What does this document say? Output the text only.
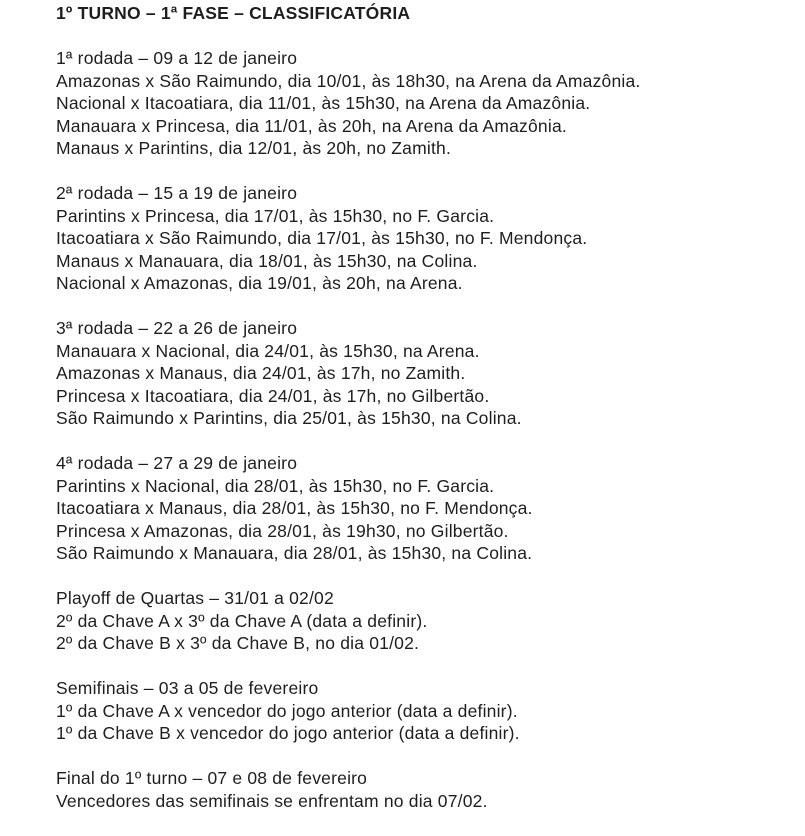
1º TURNO – 1ª FASE – CLASSIFICATÓRIA
1ª rodada – 09 a 12 de janeiro
Amazonas x São Raimundo, dia 10/01, às 18h30, na Arena da Amazônia.
Nacional x Itacoatiara, dia 11/01, às 15h30, na Arena da Amazônia.
Manauara x Princesa, dia 11/01, às 20h, na Arena da Amazônia.
Manaus x Parintins, dia 12/01, às 20h, no Zamith.
2ª rodada – 15 a 19 de janeiro
Parintins x Princesa, dia 17/01, às 15h30, no F. Garcia.
Itacoatiara x São Raimundo, dia 17/01, às 15h30, no F. Mendonça.
Manaus x Manauara, dia 18/01, às 15h30, na Colina.
Nacional x Amazonas, dia 19/01, às 20h, na Arena.
3ª rodada – 22 a 26 de janeiro
Manauara x Nacional, dia 24/01, às 15h30, na Arena.
Amazonas x Manaus, dia 24/01, às 17h, no Zamith.
Princesa x Itacoatiara, dia 24/01, às 17h, no Gilbertão.
São Raimundo x Parintins, dia 25/01, às 15h30, na Colina.
4ª rodada – 27 a 29 de janeiro
Parintins x Nacional, dia 28/01, às 15h30, no F. Garcia.
Itacoatiara x Manaus, dia 28/01, às 15h30, no F. Mendonça.
Princesa x Amazonas, dia 28/01, às 19h30, no Gilbertão.
São Raimundo x Manauara, dia 28/01, às 15h30, na Colina.
Playoff de Quartas – 31/01 a 02/02
2º da Chave A x 3º da Chave A (data a definir).
2º da Chave B x 3º da Chave B, no dia 01/02.
Semifinais – 03 a 05 de fevereiro
1º da Chave A x vencedor do jogo anterior (data a definir).
1º da Chave B x vencedor do jogo anterior (data a definir).
Final do 1º turno – 07 e 08 de fevereiro
Vencedores das semifinais se enfrentam no dia 07/02.
